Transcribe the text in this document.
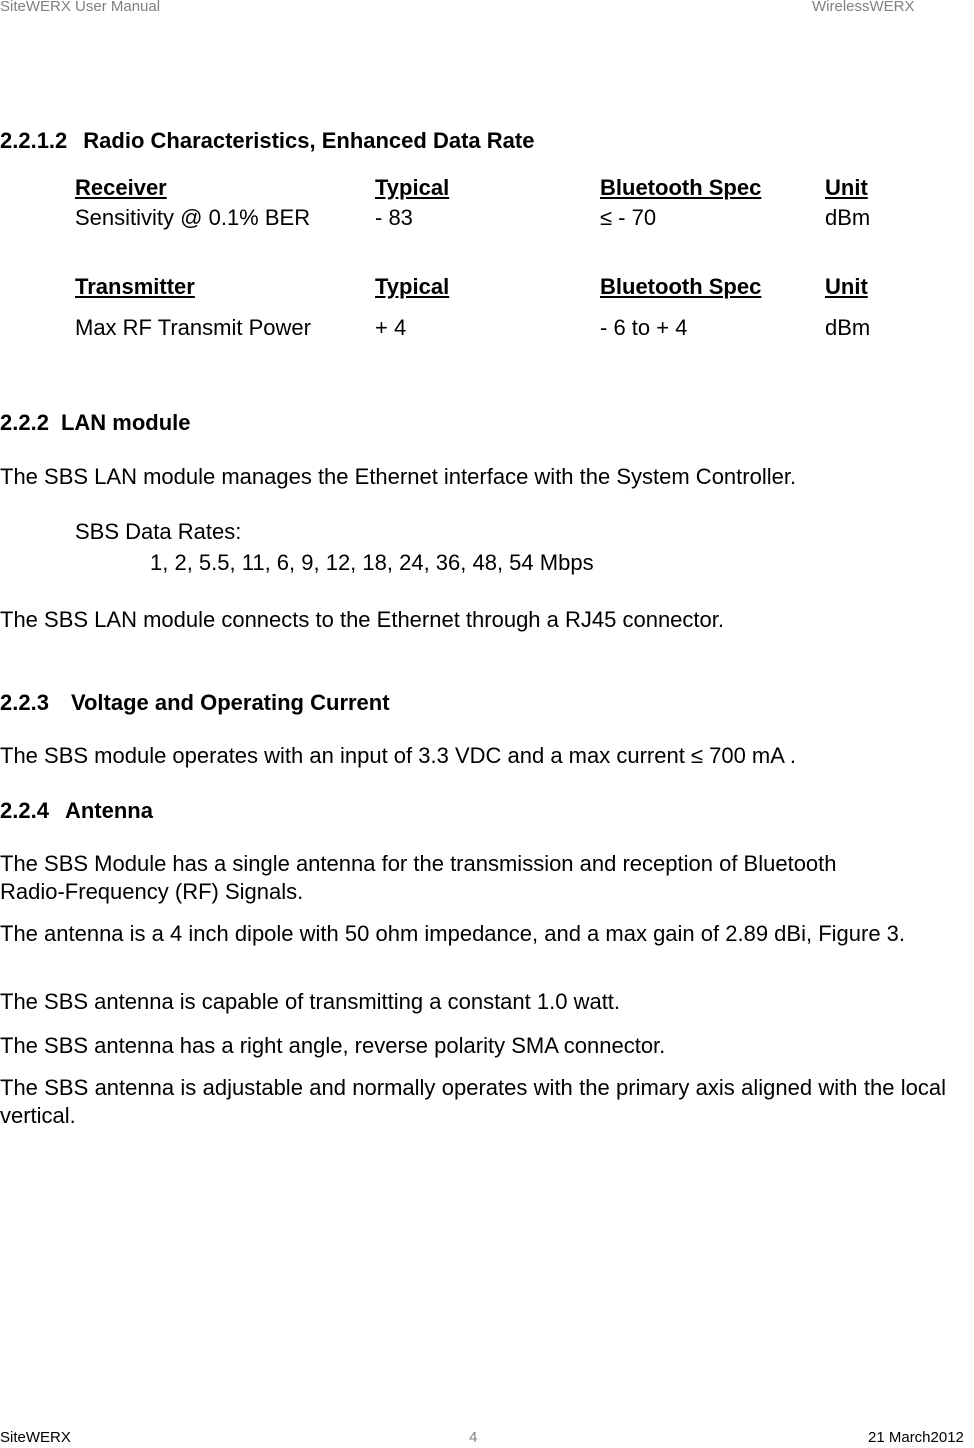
SiteWERX User Manual	WirelessWERX
2.2.1.2 Radio Characteristics, Enhanced Data Rate
Receiver	Typical	Bluetooth Spec	Unit
Sensitivity @ 0.1% BER	- 83	≤ - 70	dBm
Transmitter	Typical	Bluetooth Spec	Unit
Max RF Transmit Power	+ 4	- 6 to + 4	dBm
2.2.2 LAN module
The SBS LAN module manages the Ethernet interface with the System Controller.
SBS Data Rates:
1, 2, 5.5, 11, 6, 9, 12, 18, 24, 36, 48, 54 Mbps
The SBS LAN module connects to the Ethernet through a RJ45 connector.
2.2.3 Voltage and Operating Current
The SBS module operates with an input of 3.3 VDC and a max current ≤ 700 mA .
2.2.4 Antenna
The SBS Module has a single antenna for the transmission and reception of Bluetooth Radio-Frequency (RF) Signals.
The antenna is a 4 inch dipole with 50 ohm impedance, and a max gain of 2.89 dBi, Figure 3.
The SBS antenna is capable of transmitting a constant 1.0 watt.
The SBS antenna has a right angle, reverse polarity SMA connector.
The SBS antenna is adjustable and normally operates with the primary axis aligned with the local vertical.
SiteWERX	4	21 March2012
